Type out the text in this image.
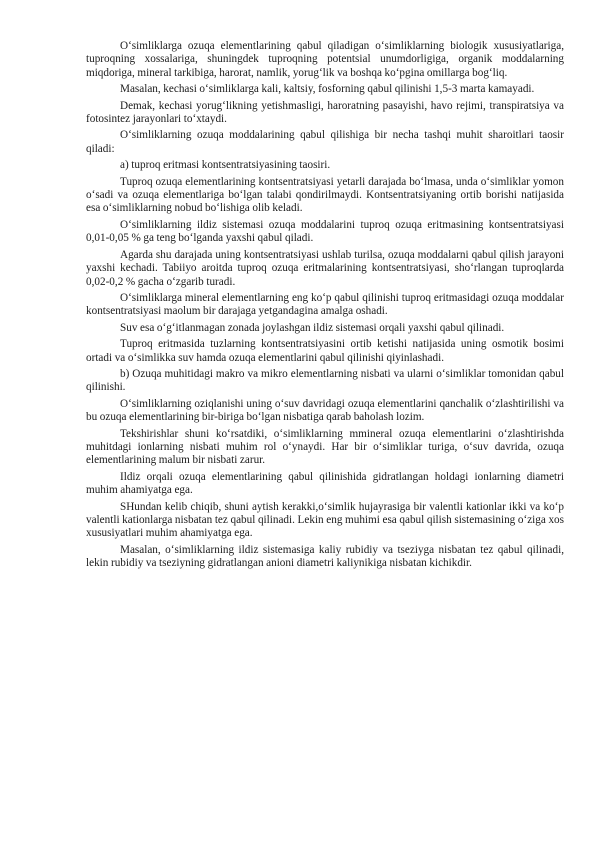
O‘simliklarga ozuqa elementlarining qabul qiladigan o‘simliklarning biologik xususiyatlariga, tuproqning xossalariga, shuningdek tuproqning potentsial unumdorligiga, organik moddalarning miqdoriga, mineral tarkibiga, harorat, namlik, yorug‘lik va boshqa ko‘pgina omillarga bog‘liq.

Masalan, kechasi o‘simliklarga kali, kaltsiy, fosforning qabul qilinishi 1,5-3 marta kamayadi.

Demak, kechasi yorug‘likning yetishmasligi, haroratning pasayishi, havo rejimi, transpiratsiya va fotosintez jarayonlari to‘xtaydi.

O‘simliklarning ozuqa moddalarining qabul qilishiga bir necha tashqi muhit sharoitlari taosir qiladi:

a) tuproq eritmasi kontsentratsiyasining taosiri.

Tuproq ozuqa elementlarining kontsentratsiyasi yetarli darajada bo‘lmasa, unda o‘simliklar yomon o‘sadi va ozuqa elementlariga bo‘lgan talabi qondirilmaydi. Kontsentratsiyaning ortib borishi natijasida esa o‘simliklarning nobud bo‘lishiga olib keladi.

O‘simliklarning ildiz sistemasi ozuqa moddalarini tuproq ozuqa eritmasining kontsentratsiyasi 0,01-0,05 % ga teng bo‘lganda yaxshi qabul qiladi.

Agarda shu darajada uning kontsentratsiyasi ushlab turilsa, ozuqa moddalarni qabul qilish jarayoni yaxshi kechadi. Tabiiyo aroitda tuproq ozuqa eritmalarining kontsentratsiyasi, sho‘rlangan tuproqlarda 0,02-0,2 % gacha o‘zgarib turadi.

O‘simliklarga mineral elementlarning eng ko‘p qabul qilinishi tuproq eritmasidagi ozuqa moddalar kontsentratsiyasi maolum bir darajaga yetgandagina amalga oshadi.

Suv esa o‘g‘itlanmagan zonada joylashgan ildiz sistemasi orqali yaxshi qabul qilinadi.

Tuproq eritmasida tuzlarning kontsentratsiyasini ortib ketishi natijasida uning osmotik bosimi ortadi va o‘simlikka suv hamda ozuqa elementlarini qabul qilinishi qiyinlashadi.

b) Ozuqa muhitidagi makro va mikro elementlarning nisbati va ularni o‘simliklar tomonidan qabul qilinishi.

O‘simliklarning oziqlanishi uning o‘suv davridagi ozuqa elementlarini qanchalik o‘zlashtirilishi va bu ozuqa elementlarining bir-biriga bo‘lgan nisbatiga qarab baholash lozim.

Tekshirishlar shuni ko‘rsatdiki, o‘simliklarning mmineral ozuqa elementlarini o‘zlashtirishda muhitdagi ionlarning nisbati muhim rol o‘ynaydi. Har bir o‘simliklar turiga, o‘suv davrida, ozuqa elementlarining malum bir nisbati zarur.

Ildiz orqali ozuqa elementlarining qabul qilinishida gidratlangan holdagi ionlarning diametri muhim ahamiyatga ega.

SHundan kelib chiqib, shuni aytish kerakki,o‘simlik hujayrasiga bir valentli kationlar ikki va ko‘p valentli kationlarga nisbatan tez qabul qilinadi. Lekin eng muhimi esa qabul qilish sistemasining o‘ziga xos xususiyatlari muhim ahamiyatga ega.

Masalan, o‘simliklarning ildiz sistemasiga kaliy rubidiy va tseziyga nisbatan tez qabul qilinadi, lekin rubidiy va tseziyning gidratlangan anioni diametri kaliynikiga nisbatan kichikdir.
